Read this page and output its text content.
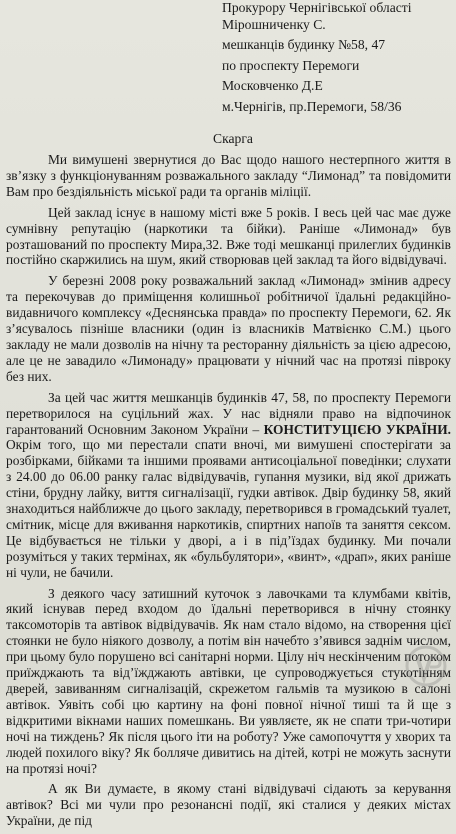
Прокурору Чернігівської області
Мірошниченку С.
мешканців будинку №58, 47
по проспекту Перемоги
Московченко Д.Е
м.Чернігів, пр.Перемоги, 58/36
Скарга

Ми вимушені звернутися до Вас щодо нашого нестерпного життя в зв’язку з функціонуванням розважального закладу “Лимонад” та повідомити Вам про бездіяльність міської ради та органів міліції.

Цей заклад існує в нашому місті вже 5 років. І весь цей час має дуже сумнівну репутацію (наркотики та бійки). Раніше «Лимонад» був розташований по проспекту Мира,32. Вже тоді мешканці прилеглих будинків постійно скаржились на шум, який створював цей заклад та його відвідувачі.

У березні 2008 року розважальний заклад «Лимонад» змінив адресу та перекочував до приміщення колишньої робітничої їдальні редакційно-видавничого комплексу «Деснянська правда» по проспекту Перемоги, 62. Як з’ясувалось пізніше власники (один із власників Матвієнко С.М.) цього закладу не мали дозволів на нічну та ресторанну діяльність за цією адресою, але це не завадило «Лимонаду» працювати у нічний час на протязі півроку без них.

За цей час життя мешканців будинків 47, 58, по проспекту Перемоги перетворилося на суцільний жах. У нас відняли право на відпочинок гарантований Основним Законом України – КОНСТИТУЦІЄЮ УКРАЇНИ. Окрім того, що ми перестали спати вночі, ми вимушені спостерігати за розбірками, бійками та іншими проявами антисоціальної поведінки; слухати з 24.00 до 06.00 ранку галас відвідувачів, гупання музики, від якої дрижать стіни, брудну лайку, виття сигналізації, гудки автівок. Двір будинку 58, який знаходиться найближче до цього закладу, перетворився в громадський туалет, смітник, місце для вживання наркотиків, спиртних напоїв та заняття сексом. Це відбувається не тільки у дворі, а і в під’їздах будинку. Ми почали розуміться у таких термінах, як «бульбулятори», «винт», «драп», яких раніше ні чули, не бачили.

З деякого часу затишний куточок з лавочками та клумбами квітів, який існував перед входом до їдальні перетворився в нічну стоянку таксомоторів та автівок відвідувачів. Як нам стало відомо, на створення цієї стоянки не було ніякого дозволу, а потім він начебто з’явився заднім числом, при цьому було порушено всі санітарні норми. Цілу ніч нескінченим потоком приїжджають та від’їжджають автівки, це супроводжується стукотінням дверей, завиванням сигналізацій, скрежетом гальмів та музикою в салоні автівок. Уявіть собі цю картину на фоні повної нічної тиші та й ще з відкритими вікнами наших помешкань. Ви уявляєте, як не спати три-чотири ночі на тиждень? Як після цього іти на роботу? Уже самопочуття у хворих та людей похилого віку? Як болляче дивитись на дітей, котрі не можуть заснути на протязі ночі?

А як Ви думаєте, в якому стані відвідувачі сідають за керування автівок? Всі ми чули про резонансні події, які сталися у деяких містах України, де під
